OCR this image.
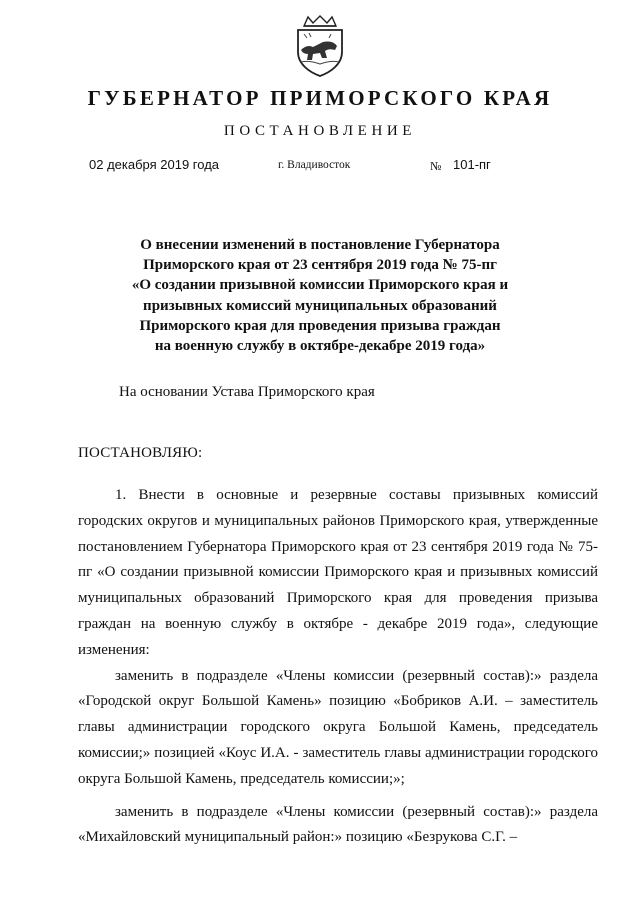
ГУБЕРНАТОР ПРИМОРСКОГО КРАЯ
ПОСТАНОВЛЕНИЕ
02 декабря 2019 года	г. Владивосток	№ 101-пг
О внесении изменений в постановление Губернатора
Приморского края от 23 сентября 2019 года № 75-пг
«О создании призывной комиссии Приморского края и
призывных комиссий муниципальных образований
Приморского края для проведения призыва граждан
на военную службу в октябре-декабре 2019 года»
На основании Устава Приморского края
ПОСТАНОВЛЯЮ:

1. Внести в основные и резервные составы призывных комиссий городских округов и муниципальных районов Приморского края, утвержденные постановлением Губернатора Приморского края от 23 сентября 2019 года № 75-пг «О создании призывной комиссии Приморского края и призывных комиссий муниципальных образований Приморского края для проведения призыва граждан на военную службу в октябре - декабре 2019 года», следующие изменения:

заменить в подразделе «Члены комиссии (резервный состав):» раздела «Городской округ Большой Камень» позицию «Бобриков А.И. – заместитель главы администрации городского округа Большой Камень, председатель комиссии;» позицией «Коус И.А. - заместитель главы администрации городского округа Большой Камень, председатель комиссии;»;

заменить в подразделе «Члены комиссии (резервный состав):» раздела «Михайловский муниципальный район:» позицию «Безрукова С.Г. –
